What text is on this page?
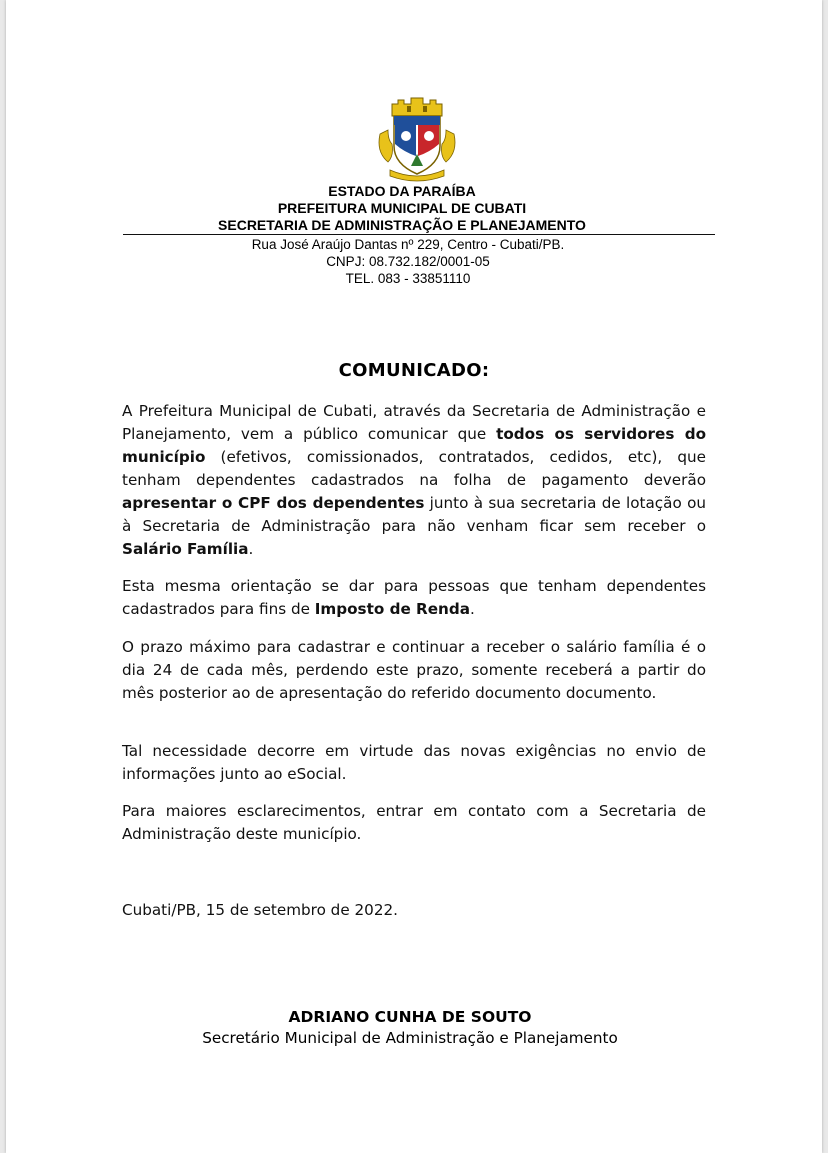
ESTADO DA PARAÍBA
PREFEITURA MUNICIPAL DE CUBATI
SECRETARIA DE ADMINISTRAÇÃO E PLANEJAMENTO
Rua José Araújo Dantas nº 229, Centro - Cubati/PB.
CNPJ: 08.732.182/0001-05
TEL. 083 - 33851110
COMUNICADO:

A Prefeitura Municipal de Cubati, através da Secretaria de Administração e Planejamento, vem a público comunicar que todos os servidores do município (efetivos, comissionados, contratados, cedidos, etc), que tenham dependentes cadastrados na folha de pagamento deverão apresentar o CPF dos dependentes junto à sua secretaria de lotação ou à Secretaria de Administração para não venham ficar sem receber o Salário Família.

Esta mesma orientação se dar para pessoas que tenham dependentes cadastrados para fins de Imposto de Renda.

O prazo máximo para cadastrar e continuar a receber o salário família é o dia 24 de cada mês, perdendo este prazo, somente receberá a partir do mês posterior ao de apresentação do referido documento documento.

Tal necessidade decorre em virtude das novas exigências no envio de informações junto ao eSocial.

Para maiores esclarecimentos, entrar em contato com a Secretaria de Administração deste município.

Cubati/PB, 15 de setembro de 2022.
ADRIANO CUNHA DE SOUTO
Secretário Municipal de Administração e Planejamento
